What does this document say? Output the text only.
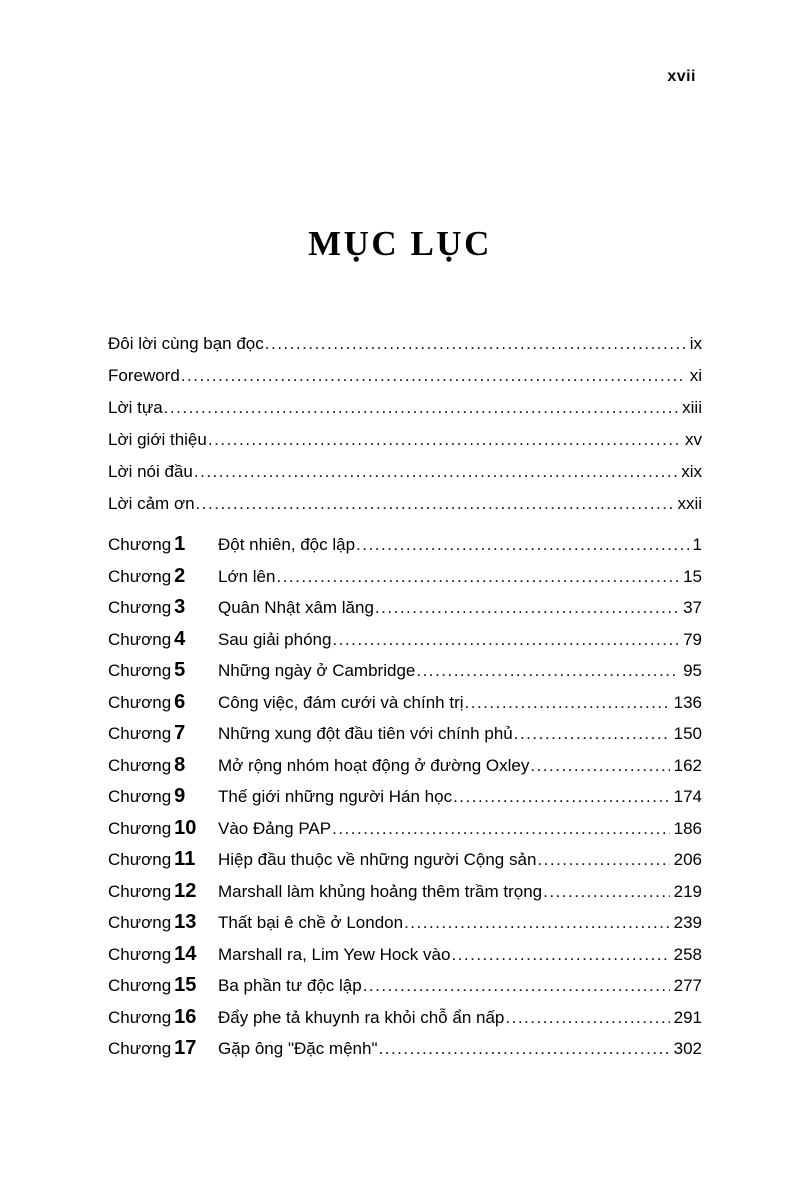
xvii
MỤC LỤC
Đôi lời cùng bạn đọc .....	ix
Foreword .....	xi
Lời tựa .....	xiii
Lời giới thiệu .....	xv
Lời nói đầu .....	xix
Lời cảm ơn .....	xxii
Chương 1	Đột nhiên, độc lập .....	1
Chương 2	Lớn lên .....	15
Chương 3	Quân Nhật xâm lăng .....	37
Chương 4	Sau giải phóng .....	79
Chương 5	Những ngày ở Cambridge .....	95
Chương 6	Công việc, đám cưới và chính trị .....	136
Chương 7	Những xung đột đầu tiên với chính phủ .....	150
Chương 8	Mở rộng nhóm hoạt động ở đường Oxley .....	162
Chương 9	Thế giới những người Hán học .....	174
Chương 10	Vào Đảng PAP .....	186
Chương 11	Hiệp đầu thuộc về những người Cộng sản .....	206
Chương 12	Marshall làm khủng hoảng thêm trầm trọng .....	219
Chương 13	Thất bại ê chề ở London .....	239
Chương 14	Marshall ra, Lim Yew Hock vào .....	258
Chương 15	Ba phần tư độc lập .....	277
Chương 16	Đẩy phe tả khuynh ra khỏi chỗ ẩn nấp .....	291
Chương 17	Gặp ông "Đặc mệnh" .....	302
